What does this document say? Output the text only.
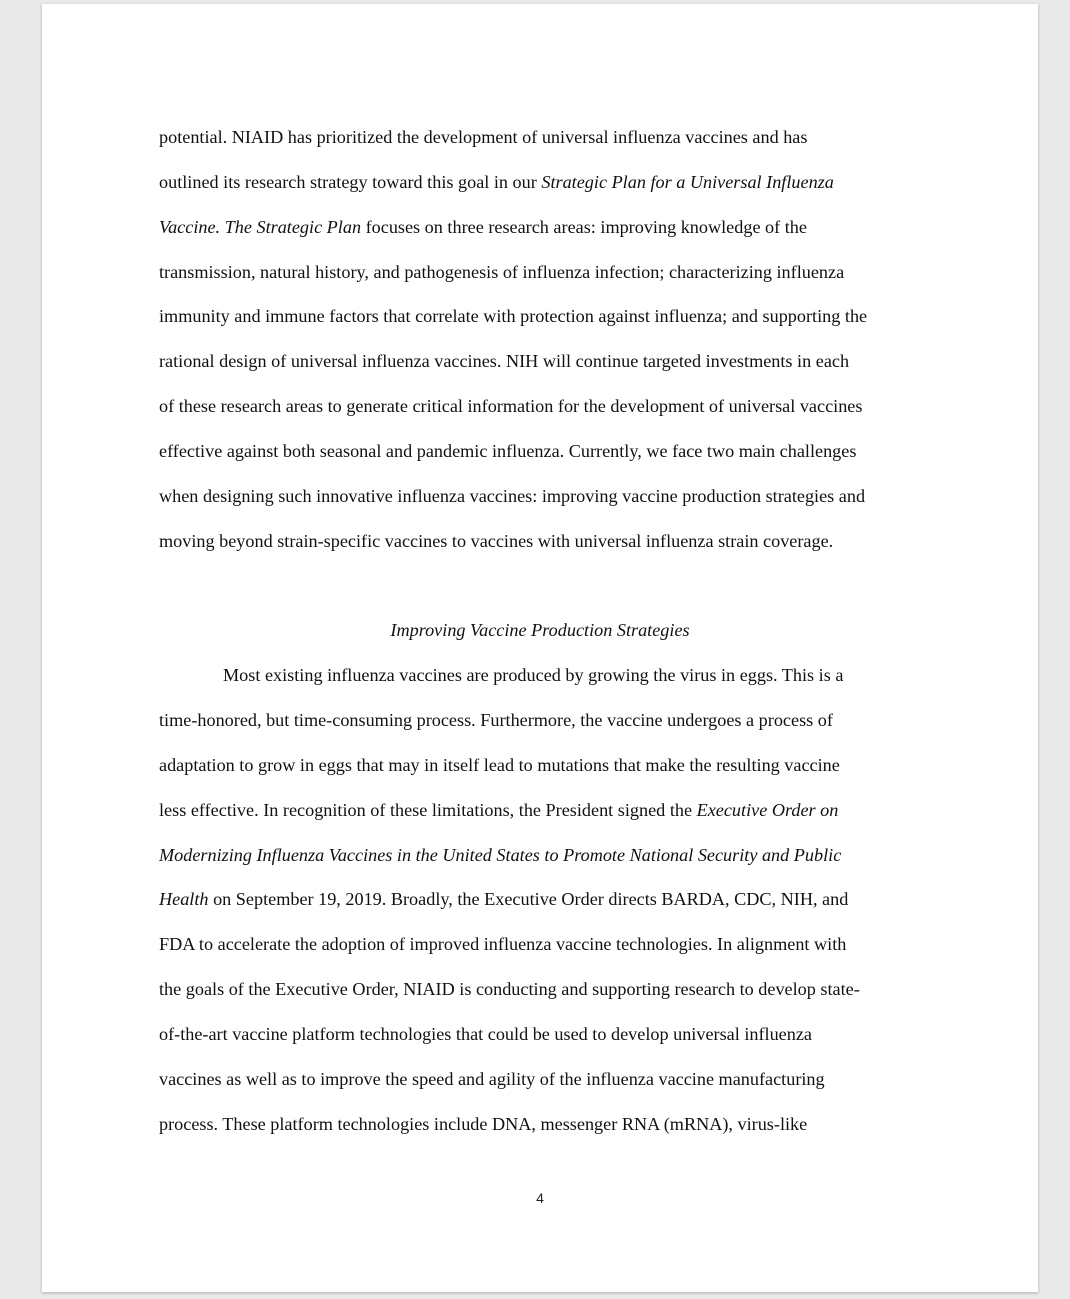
potential. NIAID has prioritized the development of universal influenza vaccines and has
outlined its research strategy toward this goal in our Strategic Plan for a Universal Influenza
Vaccine. The Strategic Plan focuses on three research areas: improving knowledge of the
transmission, natural history, and pathogenesis of influenza infection; characterizing influenza
immunity and immune factors that correlate with protection against influenza; and supporting the
rational design of universal influenza vaccines. NIH will continue targeted investments in each
of these research areas to generate critical information for the development of universal vaccines
effective against both seasonal and pandemic influenza. Currently, we face two main challenges
when designing such innovative influenza vaccines: improving vaccine production strategies and
moving beyond strain-specific vaccines to vaccines with universal influenza strain coverage.
Improving Vaccine Production Strategies
Most existing influenza vaccines are produced by growing the virus in eggs. This is a
time-honored, but time-consuming process. Furthermore, the vaccine undergoes a process of
adaptation to grow in eggs that may in itself lead to mutations that make the resulting vaccine
less effective. In recognition of these limitations, the President signed the Executive Order on
Modernizing Influenza Vaccines in the United States to Promote National Security and Public
Health on September 19, 2019. Broadly, the Executive Order directs BARDA, CDC, NIH, and
FDA to accelerate the adoption of improved influenza vaccine technologies. In alignment with
the goals of the Executive Order, NIAID is conducting and supporting research to develop state-
of-the-art vaccine platform technologies that could be used to develop universal influenza
vaccines as well as to improve the speed and agility of the influenza vaccine manufacturing
process. These platform technologies include DNA, messenger RNA (mRNA), virus-like
4
